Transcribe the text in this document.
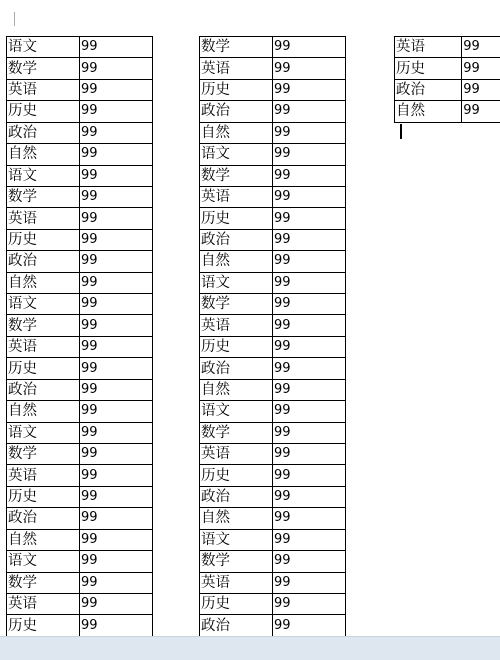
语文	99
数学	99
英语	99
历史	99
政治	99
自然	99
语文	99
数学	99
英语	99
历史	99
政治	99
自然	99
语文	99
数学	99
英语	99
历史	99
政治	99
自然	99
语文	99
数学	99
英语	99
历史	99
政治	99
自然	99
语文	99
数学	99
英语	99
历史	99
数学	99
英语	99
历史	99
政治	99
自然	99
语文	99
数学	99
英语	99
历史	99
政治	99
自然	99
语文	99
数学	99
英语	99
历史	99
政治	99
自然	99
语文	99
数学	99
英语	99
历史	99
政治	99
自然	99
语文	99
数学	99
英语	99
历史	99
政治	99
英语	99
历史	99
政治	99
自然	99
